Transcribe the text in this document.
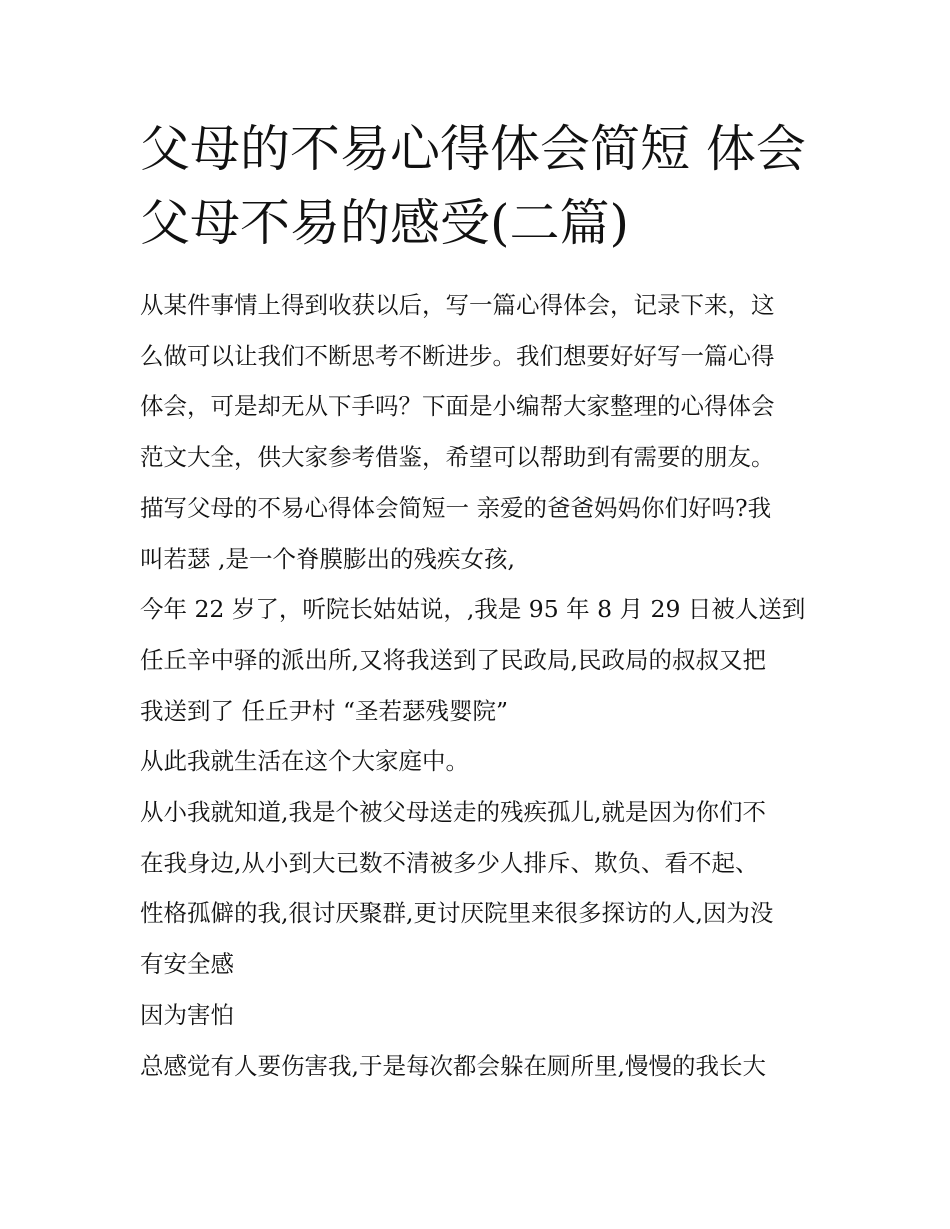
父母的不易心得体会简短 体会
父母不易的感受(二篇)

从某件事情上得到收获以后，写一篇心得体会，记录下来，这

么做可以让我们不断思考不断进步。我们想要好好写一篇心得

体会，可是却无从下手吗？下面是小编帮大家整理的心得体会

范文大全，供大家参考借鉴，希望可以帮助到有需要的朋友。

描写父母的不易心得体会简短一 亲爱的爸爸妈妈你们好吗?我

叫若瑟 ,是一个脊膜膨出的残疾女孩,

今年 22 岁了，听院长姑姑说，,我是 95 年 8 月 29 日被人送到

任丘辛中驿的派出所,又将我送到了民政局,民政局的叔叔又把

我送到了 任丘尹村 “圣若瑟残婴院”

从此我就生活在这个大家庭中。

从小我就知道,我是个被父母送走的残疾孤儿,就是因为你们不

在我身边,从小到大已数不清被多少人排斥、欺负、看不起、

性格孤僻的我,很讨厌聚群,更讨厌院里来很多探访的人,因为没

有安全感

因为害怕

总感觉有人要伤害我,于是每次都会躲在厕所里,慢慢的我长大
